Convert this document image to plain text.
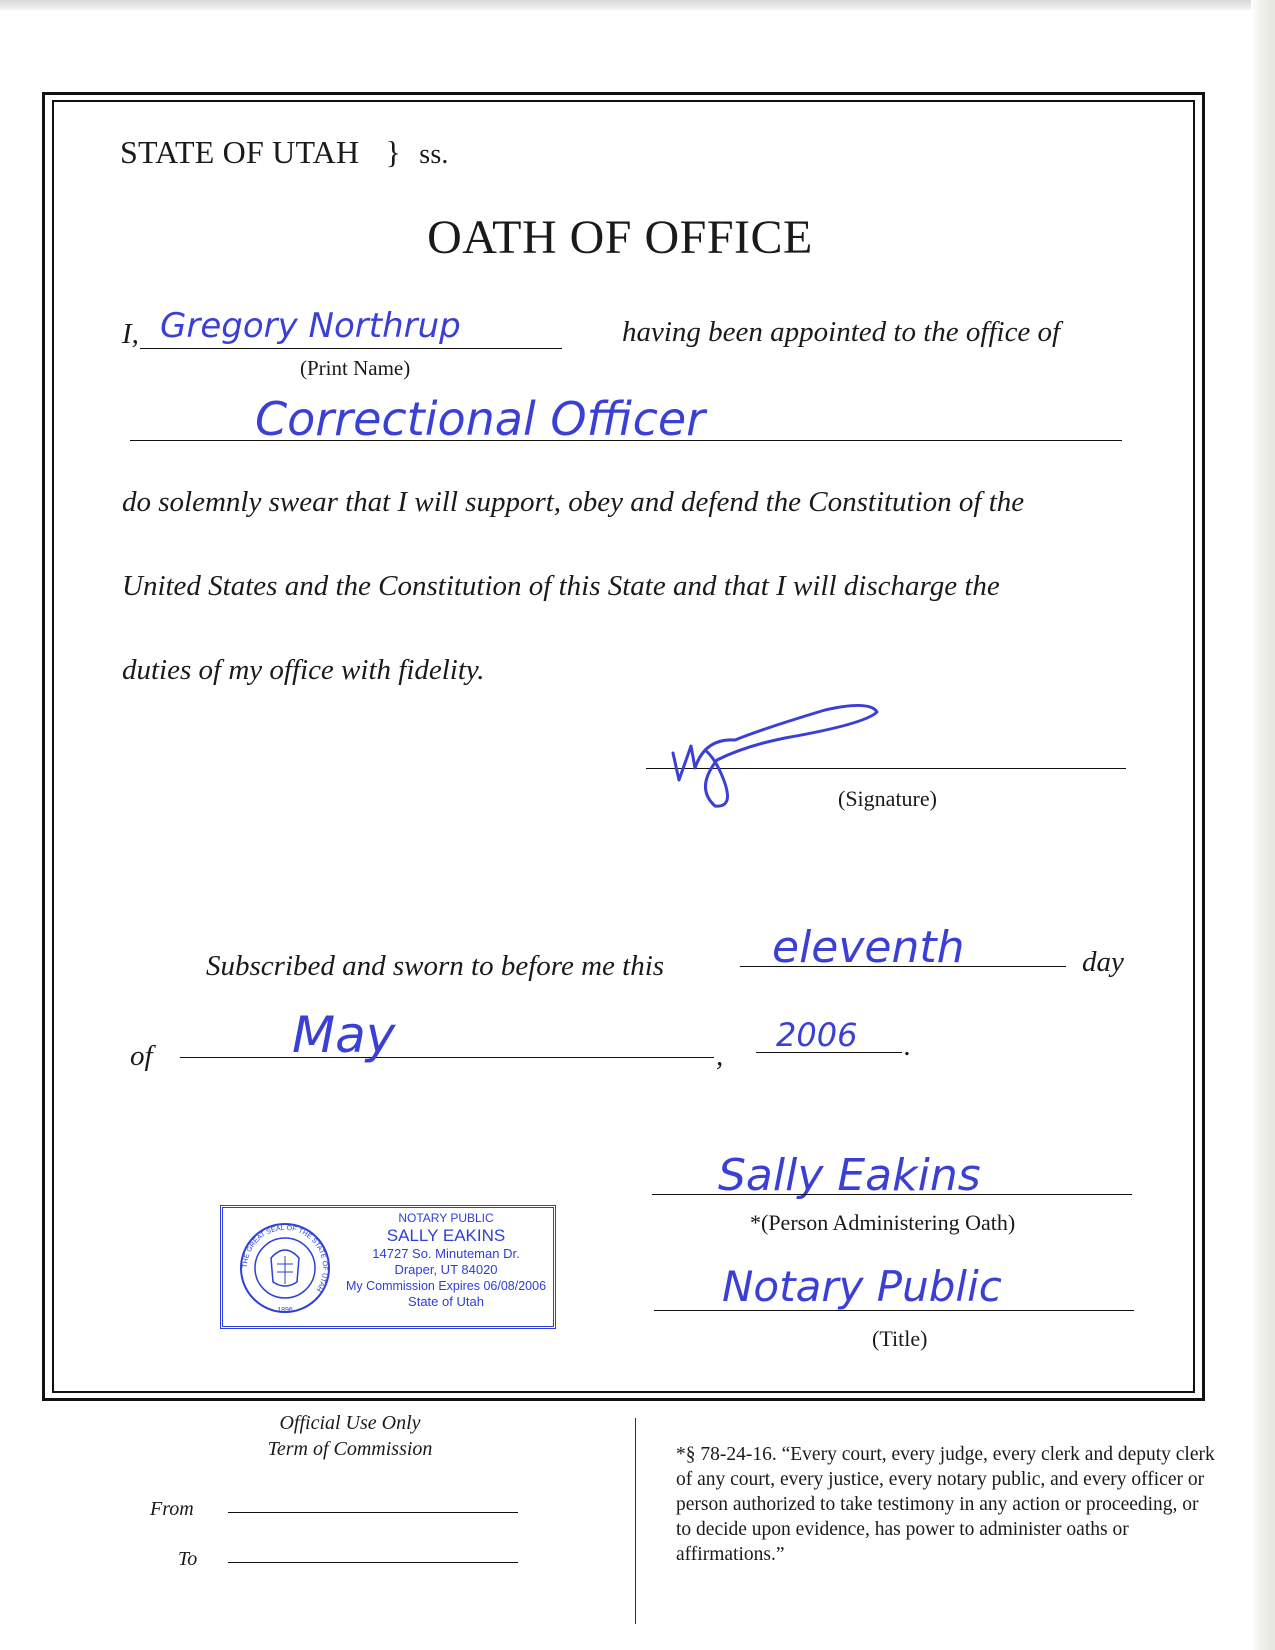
STATE OF UTAH } ss.
OATH OF OFFICE
I, Gregory Northrup
(Print Name)
having been appointed to the office of
Correctional Officer
do solemnly swear that I will support, obey and defend the Constitution of the
United States and the Constitution of this State and that I will discharge the
duties of my office with fidelity.
(Signature)
Subscribed and sworn to before me this eleventh	day
of	May	,
2006 .
Sally Eakins
*(Person Administering Oath)
Notary Public
(Title)
THE GREAT SEAL OF THE STATE OF UTAH
1896
NOTARY PUBLIC
SALLY EAKINS
14727 So. Minuteman Dr.
Draper, UT 84020
My Commission Expires 06/08/2006
State of Utah
Official Use Only
Term of Commission
From
To
*§ 78-24-16. “Every court, every judge, every clerk and deputy clerk of any court, every justice, every notary public, and every officer or person authorized to take testimony in any action or proceeding, or to decide upon evidence, has power to administer oaths or affirmations.”
